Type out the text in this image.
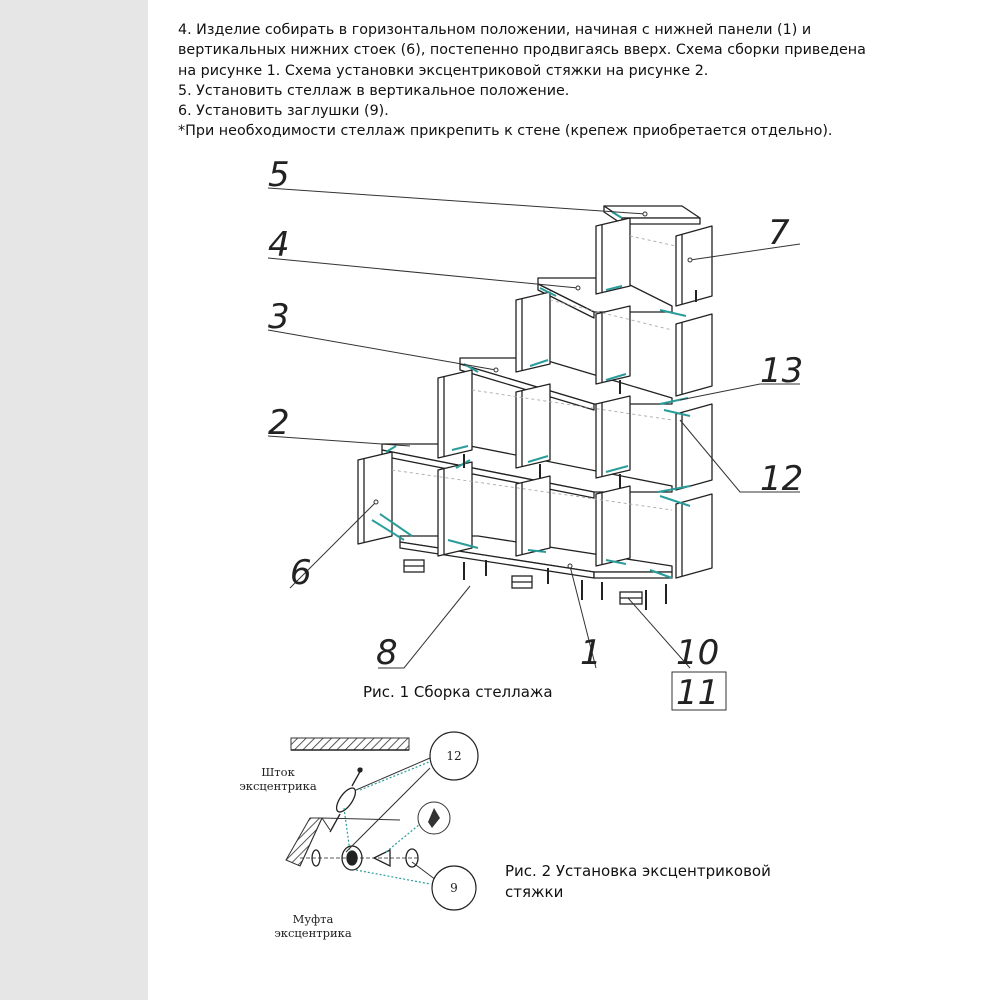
4. Изделие собирать в горизонтальном положении, начиная с нижней панели (1) и

вертикальных нижних стоек (6), постепенно продвигаясь вверх. Схема сборки приведена

на рисунке 1. Схема установки эксцентриковой стяжки на рисунке 2.

5. Установить стеллаж в вертикальное положение.

6. Установить заглушки (9).

*При необходимости стеллаж прикрепить к стене (крепеж приобретается отдельно).

5
4
3
2
6
8	1 10
11
7
13
12
12
9
Рис. 1 Сборка стеллажа
Рис. 2 Установка эксцентриковой стяжки
Шток эксцентрика
Муфта эксцентрика
